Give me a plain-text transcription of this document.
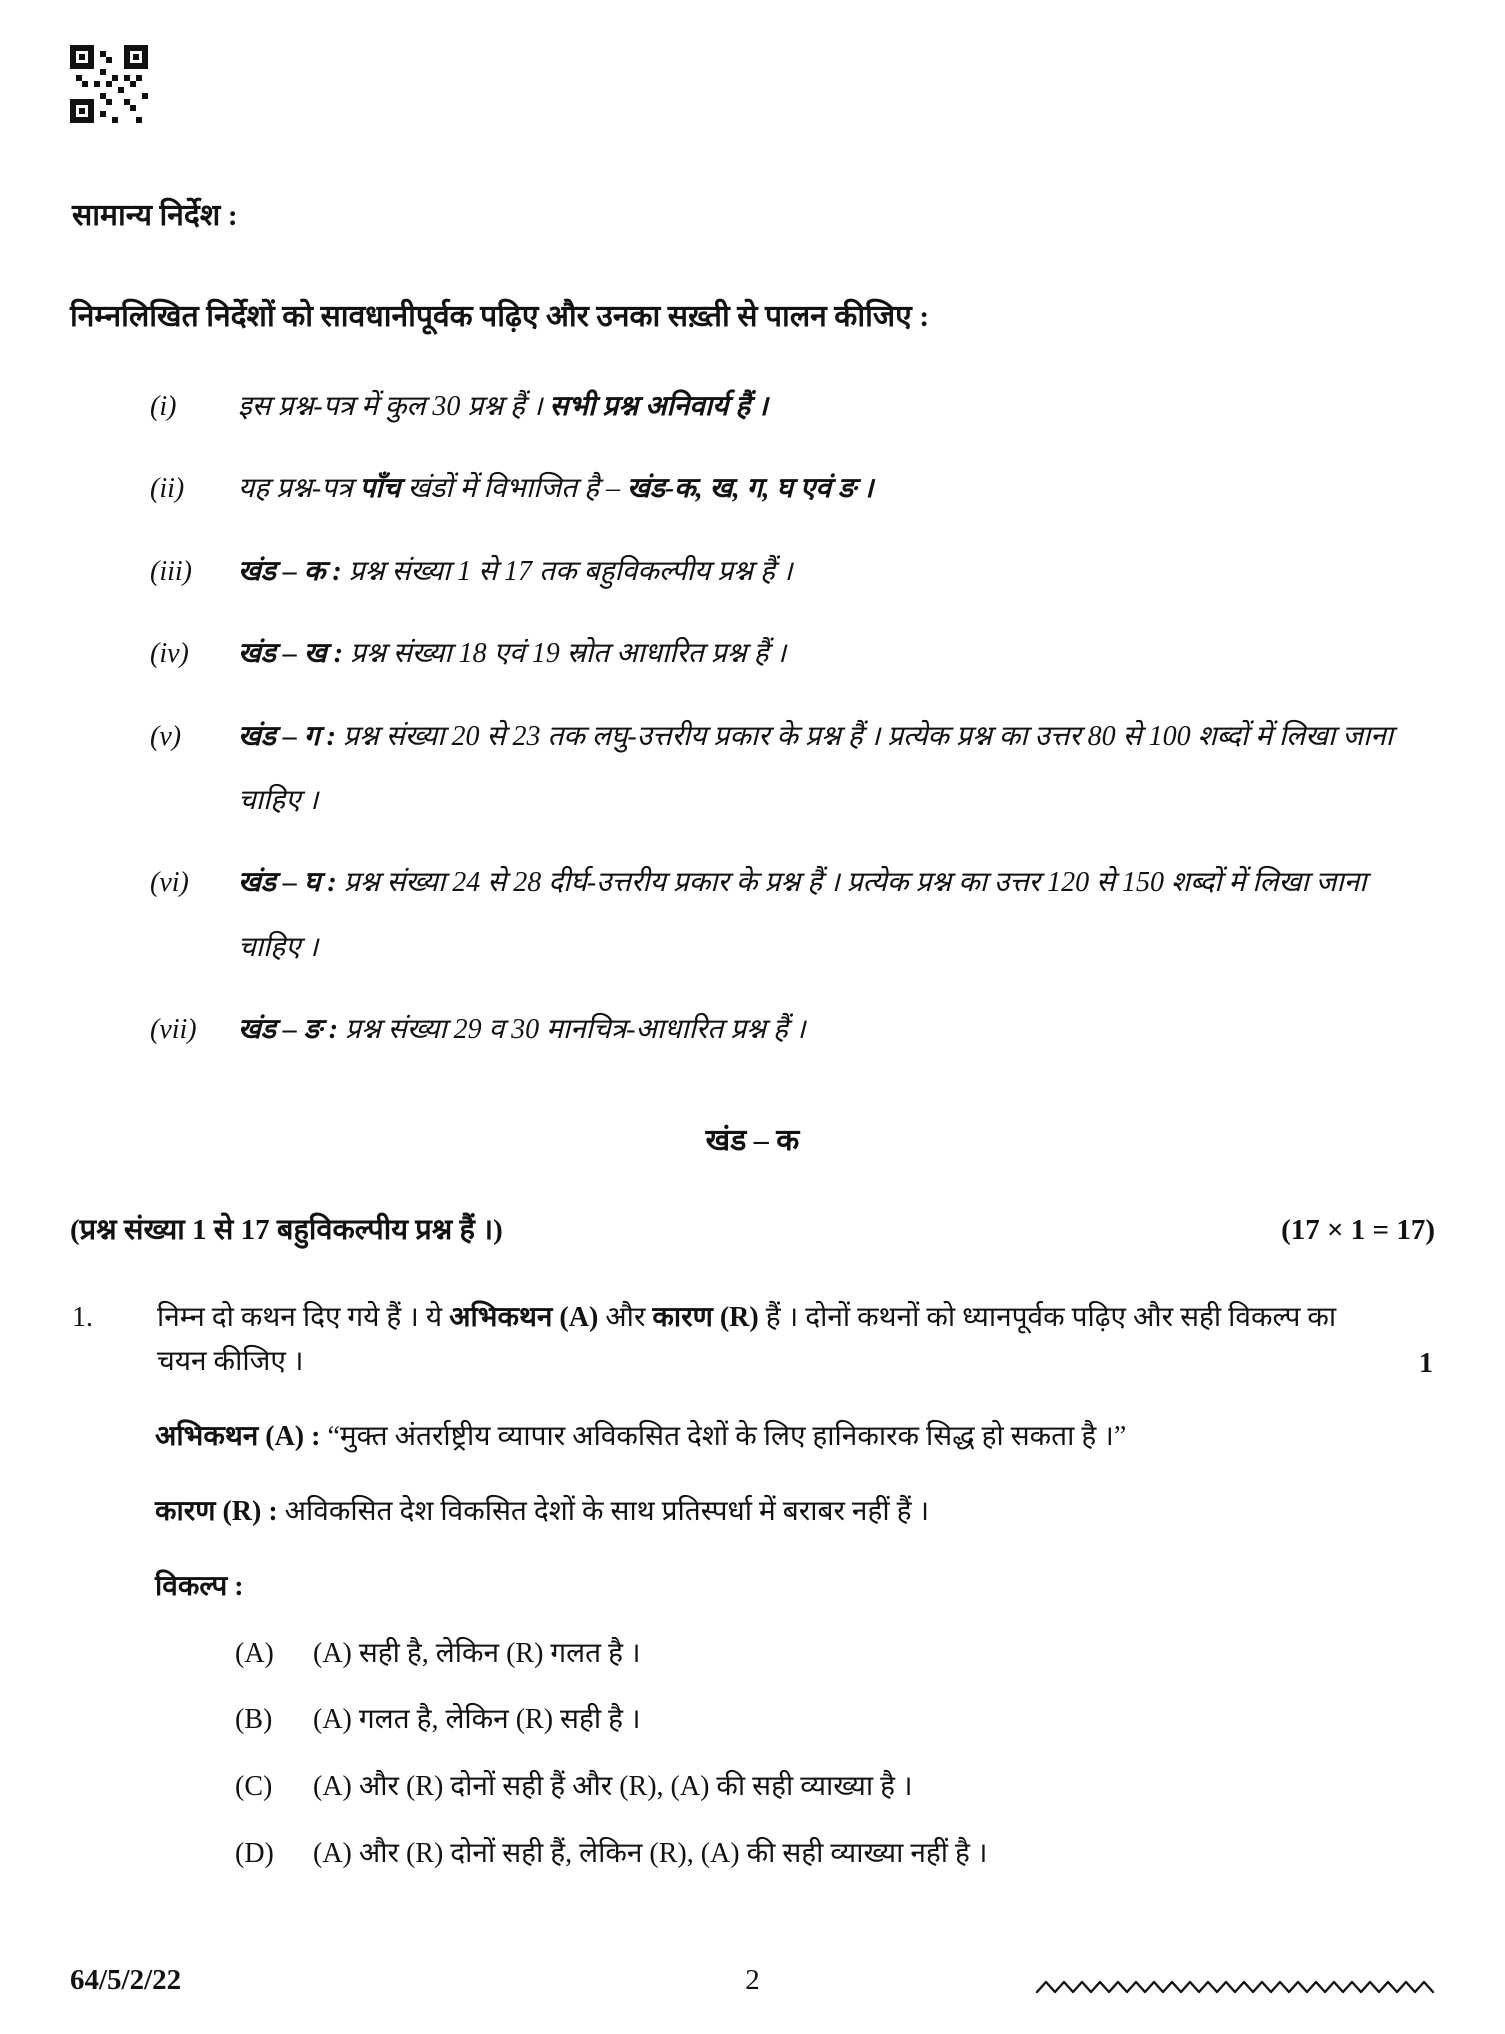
सामान्य निर्देश :

निम्नलिखित निर्देशों को सावधानीपूर्वक पढ़िए और उनका सख़्ती से पालन कीजिए :

(i)	इस प्रश्न-पत्र में कुल 30 प्रश्न हैं । सभी प्रश्न अनिवार्य हैं ।
(ii)	यह प्रश्न-पत्र पाँच खंडों में विभाजित है – खंड-क, ख, ग, घ एवं ङ ।
(iii)	खंड – क : प्रश्न संख्या 1 से 17 तक बहुविकल्पीय प्रश्न हैं ।
(iv)	खंड – ख : प्रश्न संख्या 18 एवं 19 स्रोत आधारित प्रश्न हैं ।
(v)	खंड – ग : प्रश्न संख्या 20 से 23 तक लघु-उत्तरीय प्रकार के प्रश्न हैं । प्रत्येक प्रश्न का उत्तर 80 से 100 शब्दों में लिखा जाना चाहिए ।
(vi)	खंड – घ : प्रश्न संख्या 24 से 28 दीर्घ-उत्तरीय प्रकार के प्रश्न हैं । प्रत्येक प्रश्न का उत्तर 120 से 150 शब्दों में लिखा जाना चाहिए ।
(vii)	खंड – ङ : प्रश्न संख्या 29 व 30 मानचित्र-आधारित प्रश्न हैं ।
खंड – क
(प्रश्न संख्या 1 से 17 बहुविकल्पीय प्रश्न हैं ।)	(17 × 1 = 17)
1.	निम्न दो कथन दिए गये हैं । ये अभिकथन (A) और कारण (R) हैं । दोनों कथनों को ध्यानपूर्वक पढ़िए और सही विकल्प का चयन कीजिए ।	1

अभिकथन (A) : “मुक्त अंतर्राष्ट्रीय व्यापार अविकसित देशों के लिए हानिकारक सिद्ध हो सकता है ।”

कारण (R) : अविकसित देश विकसित देशों के साथ प्रतिस्पर्धा में बराबर नहीं हैं ।

विकल्प :

(A)	(A) सही है, लेकिन (R) गलत है ।
(B)	(A) गलत है, लेकिन (R) सही है ।
(C)	(A) और (R) दोनों सही हैं और (R), (A) की सही व्याख्या है ।
(D)	(A) और (R) दोनों सही हैं, लेकिन (R), (A) की सही व्याख्या नहीं है ।
64/5/2/22	2
